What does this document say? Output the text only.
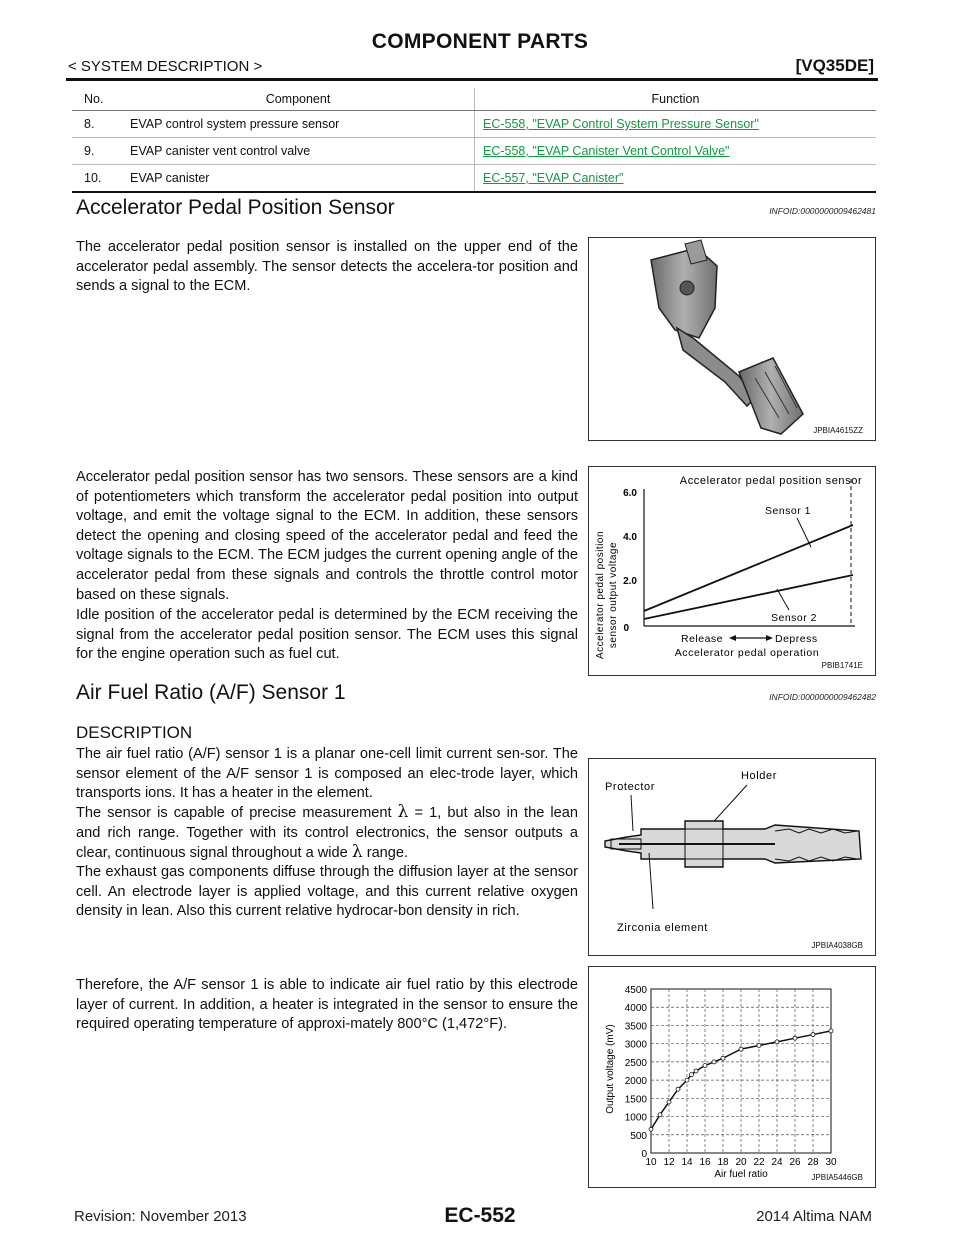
COMPONENT PARTS
< SYSTEM DESCRIPTION >	[VQ35DE]
No.	Component	Function
8.	EVAP control system pressure sensor	EC-558, "EVAP Control System Pressure Sensor"
9.	EVAP canister vent control valve	EC-558, "EVAP Canister Vent Control Valve"
10.	EVAP canister	EC-557, "EVAP Canister"
Accelerator Pedal Position Sensor	INFOID:0000000009462481
The accelerator pedal position sensor is installed on the upper end of the accelerator pedal assembly. The sensor detects the accelera-tor position and sends a signal to the ECM.
JPBIA4615ZZ
Accelerator pedal position sensor has two sensors. These sensors are a kind of potentiometers which transform the accelerator pedal position into output voltage, and emit the voltage signal to the ECM. In addition, these sensors detect the opening and closing speed of the accelerator pedal and feed the voltage signals to the ECM. The ECM judges the current opening angle of the accelerator pedal from these signals and controls the throttle control motor based on these signals.
Idle position of the accelerator pedal is determined by the ECM receiving the signal from the accelerator pedal position sensor. The ECM uses this signal for the engine operation such as fuel cut.
Accelerator pedal position sensor
Accelerator pedal position sensor output voltage
6.0
4.0
2.0
0
Sensor 1
Sensor 2
Release	Depress
Accelerator pedal operation
PBIB1741E
Air Fuel Ratio (A/F) Sensor 1	INFOID:0000000009462482
DESCRIPTION
The air fuel ratio (A/F) sensor 1 is a planar one-cell limit current sen-sor. The sensor element of the A/F sensor 1 is composed an elec-trode layer, which transports ions. It has a heater in the element.
The sensor is capable of precise measurement λ = 1, but also in the lean and rich range. Together with its control electronics, the sensor outputs a clear, continuous signal throughout a wide λ range.
The exhaust gas components diffuse through the diffusion layer at the sensor cell. An electrode layer is applied voltage, and this current relative oxygen density in lean. Also this current relative hydrocar-bon density in rich.
Therefore, the A/F sensor 1 is able to indicate air fuel ratio by this electrode layer of current. In addition, a heater is integrated in the sensor to ensure the required operating temperature of approxi-mately 800°C (1,472°F).
Holder
Protector
Zirconia element
JPBIA4038GB
Output voltage (mV)
Air fuel ratio
10 12 14 16 18 20 22 24 26 28 30
4500
4000
3500
3000
2500
2000
1500
1000
500
0
JPBIA5446GB
Revision: November 2013	EC-552	2014 Altima NAM
